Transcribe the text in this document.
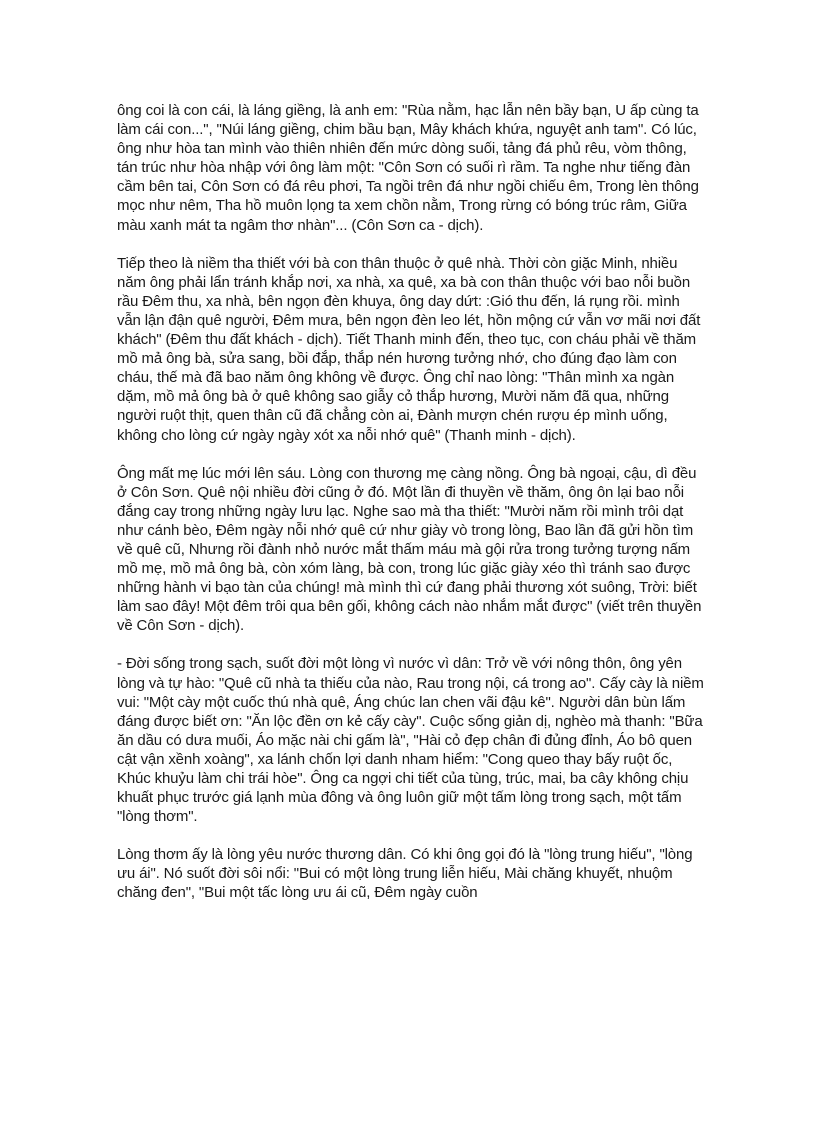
ông coi là con cái, là láng giềng, là anh em: "Rùa nằm, hạc lẫn nên bầy bạn, U ấp cùng ta làm cái con...", "Núi láng giềng, chim bầu bạn, Mây khách khứa, nguyệt anh tam". Có lúc, ông như hòa tan mình vào thiên nhiên đến mức dòng suối, tảng đá phủ rêu, vòm thông, tán trúc như hòa nhập với ông làm một: "Côn Sơn có suối rì rầm. Ta nghe như tiếng đàn cầm bên tai, Côn Sơn có đá rêu phơi, Ta ngồi trên đá như ngồi chiếu êm, Trong lèn thông mọc như nêm, Tha hồ muôn lọng ta xem chồn nằm, Trong rừng có bóng trúc râm, Giữa màu xanh mát ta ngâm thơ nhàn"... (Côn Sơn ca - dịch).

Tiếp theo là niềm tha thiết với bà con thân thuộc ở quê nhà. Thời còn giặc Minh, nhiều năm ông phải lẩn tránh khắp nơi, xa nhà, xa quê, xa bà con thân thuộc với bao nỗi buồn rầu Đêm thu, xa nhà, bên ngọn đèn khuya, ông day dứt: :Gió thu đến, lá rụng rồi. mình vẫn lận đận quê người, Đêm mưa, bên ngọn đèn leo lét, hồn mộng cứ vẫn vơ mãi nơi đất khách" (Đêm thu đất khách - dịch). Tiết Thanh minh đến, theo tục, con cháu phải về thăm mồ mả ông bà, sửa sang, bồi đắp, thắp nén hương tưởng nhớ, cho đúng đạo làm con cháu, thế mà đã bao năm ông không về được. Ông chỉ nao lòng: "Thân mình xa ngàn dặm, mồ mả ông bà ở quê không sao giẫy cỏ thắp hương, Mười năm đã qua, những người ruột thịt, quen thân cũ đã chẳng còn ai, Đành mượn chén rượu ép mình uống, không cho lòng cứ ngày ngày xót xa nỗi nhớ quê" (Thanh minh - dịch).

Ông mất mẹ lúc mới lên sáu. Lòng con thương mẹ càng nồng. Ông bà ngoại, cậu, dì đều ở Côn Sơn. Quê nội nhiều đời cũng ở đó. Một lần đi thuyền về thăm, ông ôn lại bao nỗi đắng cay trong những ngày lưu lạc. Nghe sao mà tha thiết: "Mười năm rồi mình trôi dạt như cánh bèo, Đêm ngày nỗi nhớ quê cứ như giày vò trong lòng, Bao lần đã gửi hồn tìm về quê cũ, Nhưng rồi đành nhỏ nước mắt thấm máu mà gội rửa trong tưởng tượng nấm mồ mẹ, mồ mả ông bà, còn xóm làng, bà con, trong lúc giặc giày xéo thì tránh sao được những hành vi bạo tàn của chúng! mà mình thì cứ đang phải thương xót suông, Trời: biết làm sao đây! Một đêm trôi qua bên gối, không cách nào nhắm mắt được" (viết trên thuyền về Côn Sơn - dịch).

- Đời sống trong sạch, suốt đời một lòng vì nước vì dân: Trở về với nông thôn, ông yên lòng và tự hào: "Quê cũ nhà ta thiếu của nào, Rau trong nội, cá trong ao". Cấy cày là niềm vui: "Một cày một cuốc thú nhà quê, Áng chúc lan chen vãi đậu kê". Người dân bùn lấm đáng được biết ơn: "Ăn lộc đền ơn kẻ cấy cày". Cuộc sống giản dị, nghèo mà thanh: "Bữa ăn dầu có dưa muối, Áo mặc nài chi gấm là", "Hài cỏ đẹp chân đi đủng đỉnh, Áo bô quen cật vận xềnh xoàng", xa lánh chốn lợi danh nham hiểm: "Cong queo thay bấy ruột ốc, Khúc khuỷu làm chi trái hòe". Ông ca ngợi chi tiết của tùng, trúc, mai, ba cây không chịu khuất phục trước giá lạnh mùa đông và ông luôn giữ một tấm lòng trong sạch, một tấm "lòng thơm".

Lòng thơm ấy là lòng yêu nước thương dân. Có khi ông gọi đó là "lòng trung hiếu", "lòng ưu ái". Nó suốt đời sôi nổi: "Bui có một lòng trung liễn hiếu, Mài chăng khuyết, nhuộm chăng đen", "Bui một tấc lòng ưu ái cũ, Đêm ngày cuồn
